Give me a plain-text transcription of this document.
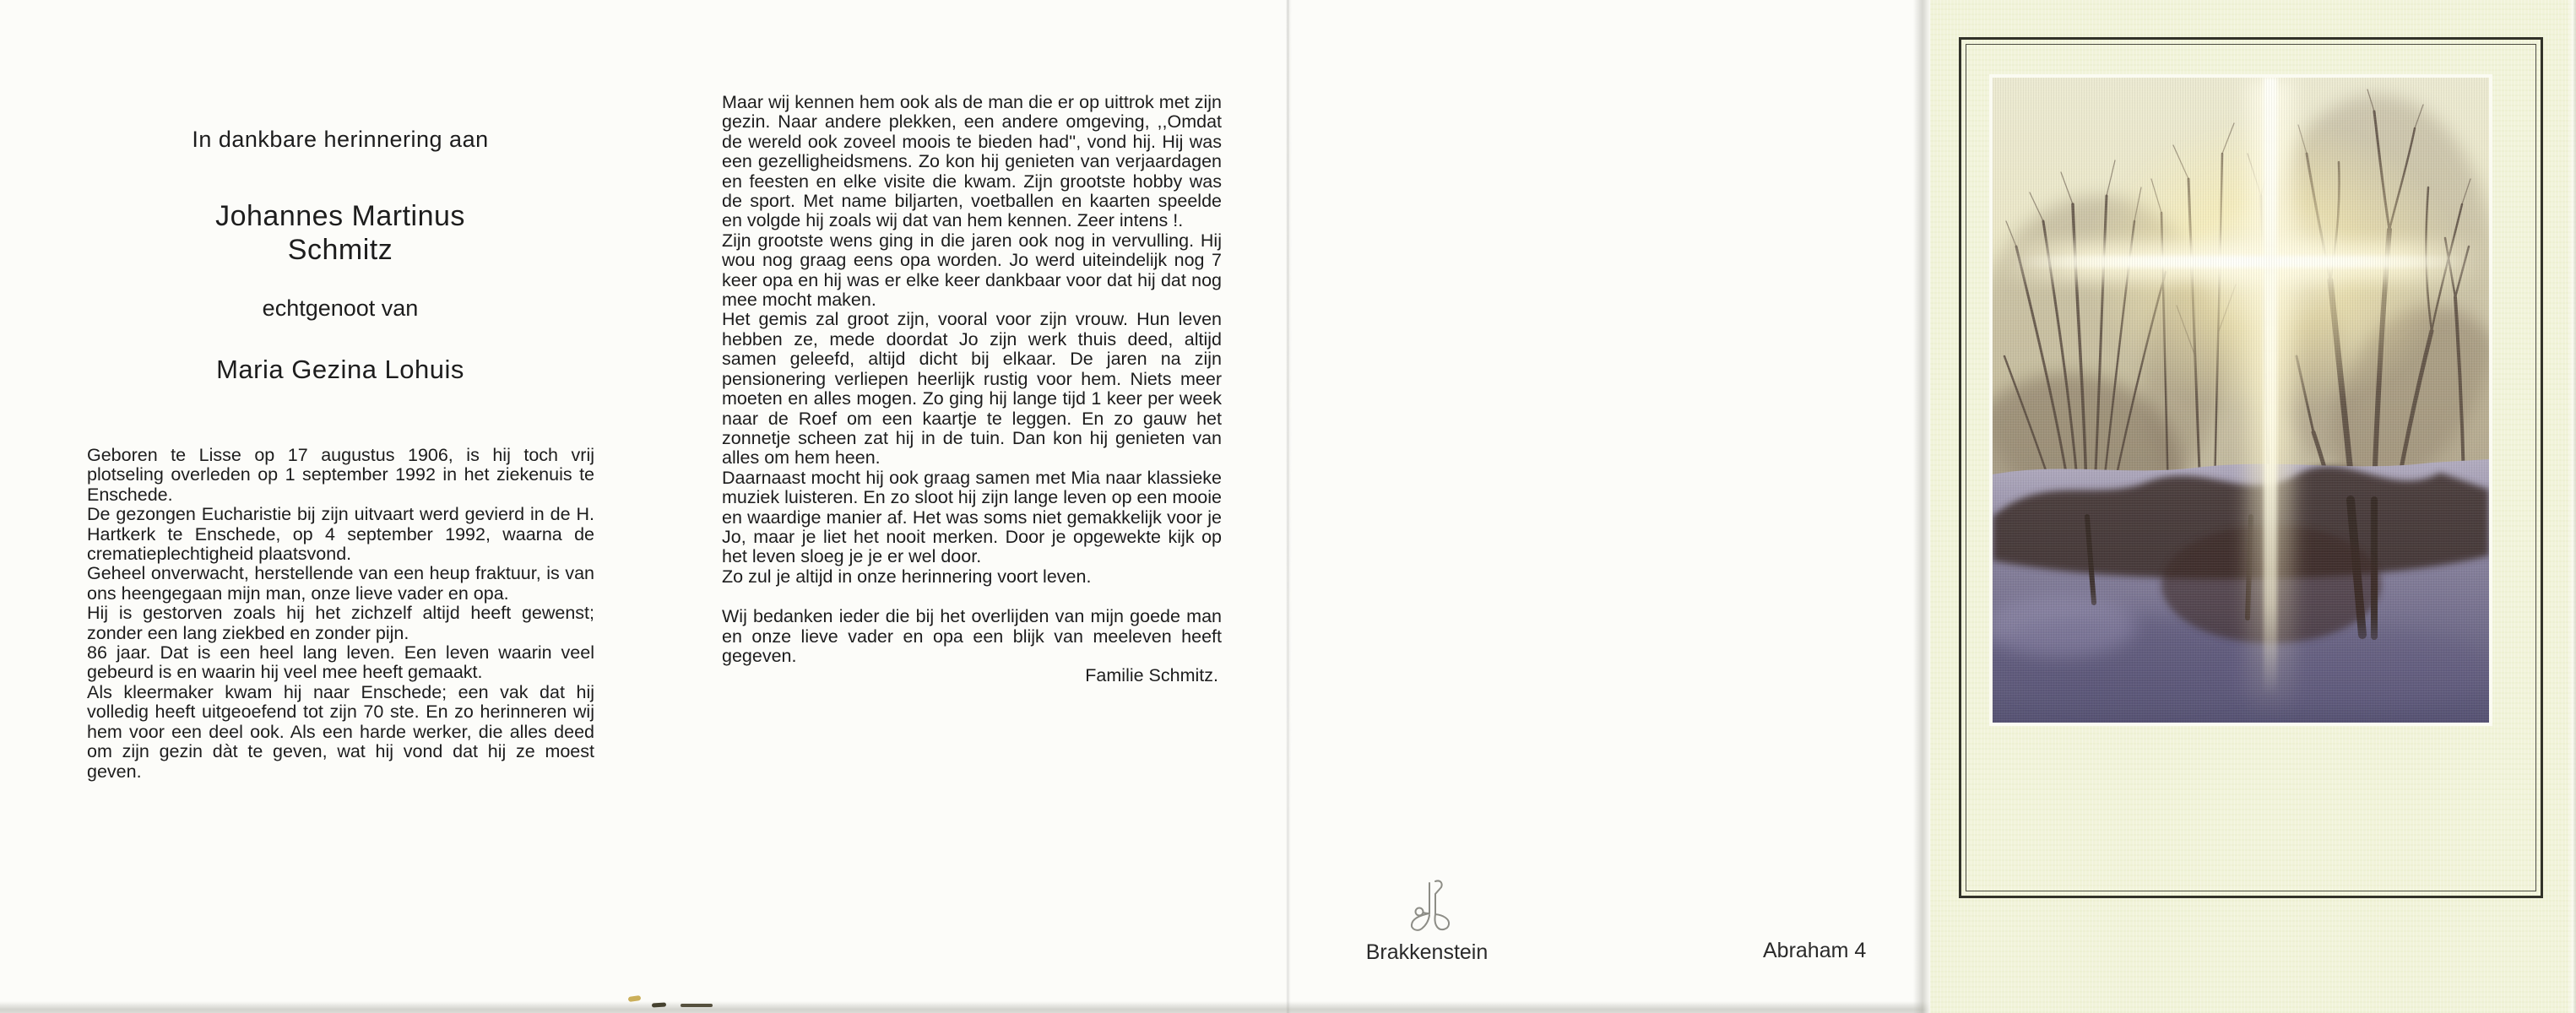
In dankbare herinnering aan
Johannes Martinus
Schmitz
echtgenoot van
Maria Gezina Lohuis

Geboren te Lisse op 17 augustus 1906, is hij toch vrij plotseling overleden op 1 september 1992 in het ziekenuis te Enschede.

De gezongen Eucharistie bij zijn uitvaart werd gevierd in de H. Hartkerk te Enschede, op 4 september 1992, waarna de crematieplechtigheid plaatsvond.

Geheel onverwacht, herstellende van een heup fraktuur, is van ons heengegaan mijn man, onze lieve vader en opa.

Hij is gestorven zoals hij het zichzelf altijd heeft gewenst; zonder een lang ziekbed en zonder pijn.

86 jaar. Dat is een heel lang leven. Een leven waarin veel gebeurd is en waarin hij veel mee heeft gemaakt.

Als kleermaker kwam hij naar Enschede; een vak dat hij volledig heeft uitgeoefend tot zijn 70 ste. En zo herinneren wij hem voor een deel ook. Als een harde werker, die alles deed om zijn gezin dàt te geven, wat hij vond dat hij ze moest geven.

Maar wij kennen hem ook als de man die er op uittrok met zijn gezin. Naar andere plekken, een andere omgeving, ,,Omdat de wereld ook zoveel moois te bieden had'', vond hij. Hij was een gezelligheidsmens. Zo kon hij genieten van verjaardagen en feesten en elke visite die kwam. Zijn grootste hobby was de sport. Met name biljarten, voetballen en kaarten speelde en volgde hij zoals wij dat van hem kennen. Zeer intens !.

Zijn grootste wens ging in die jaren ook nog in vervulling. Hij wou nog graag eens opa worden. Jo werd uiteindelijk nog 7 keer opa en hij was er elke keer dankbaar voor dat hij dat nog mee mocht maken.

Het gemis zal groot zijn, vooral voor zijn vrouw. Hun leven hebben ze, mede doordat Jo zijn werk thuis deed, altijd samen geleefd, altijd dicht bij elkaar. De jaren na zijn pensionering verliepen heerlijk rustig voor hem. Niets meer moeten en alles mogen. Zo ging hij lange tijd 1 keer per week naar de Roef om een kaartje te leggen. En zo gauw het zonnetje scheen zat hij in de tuin. Dan kon hij genieten van alles om hem heen.

Daarnaast mocht hij ook graag samen met Mia naar klassieke muziek luisteren. En zo sloot hij zijn lange leven op een mooie en waardige manier af. Het was soms niet gemakkelijk voor je Jo, maar je liet het nooit merken. Door je opgewekte kijk op het leven sloeg je je er wel door.

Zo zul je altijd in onze herinnering voort leven.

Wij bedanken ieder die bij het overlijden van mijn goede man en onze lieve vader en opa een blijk van meeleven heeft gegeven.

Familie Schmitz.

Brakkenstein	Abraham 4
